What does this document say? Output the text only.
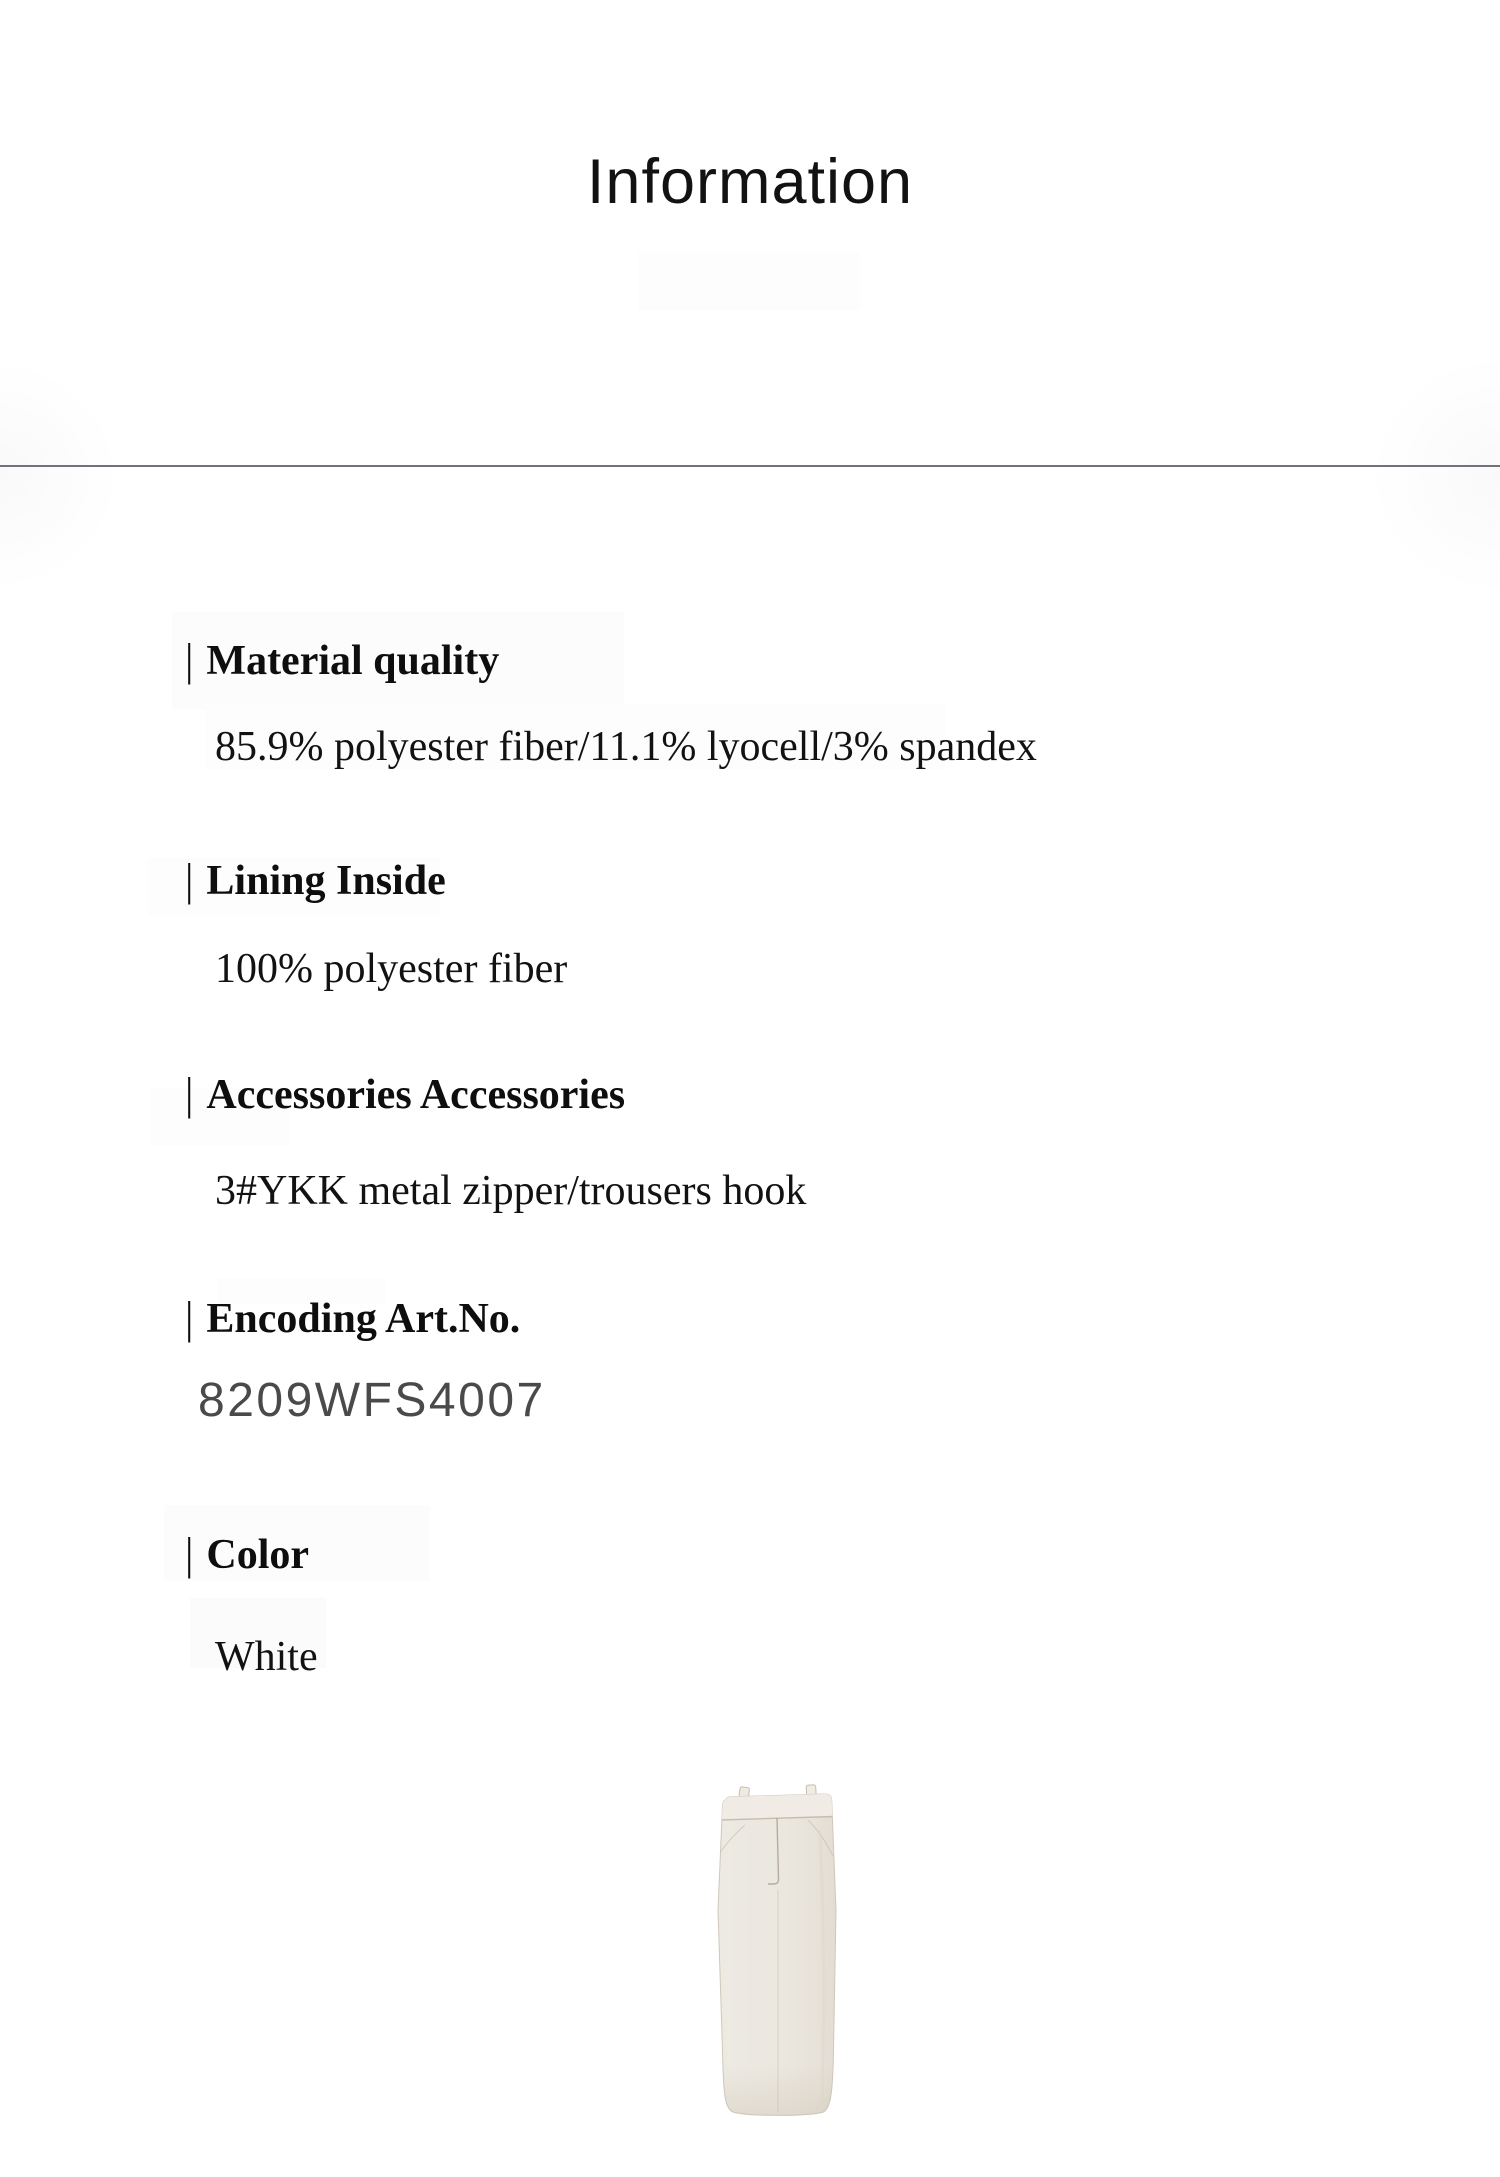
Information
| Material quality
85.9% polyester fiber/11.1% lyocell/3% spandex
| Lining Inside
100% polyester fiber
| Accessories Accessories
3#YKK metal zipper/trousers hook
| Encoding Art.No.
8209WFS4007
| Color
White
